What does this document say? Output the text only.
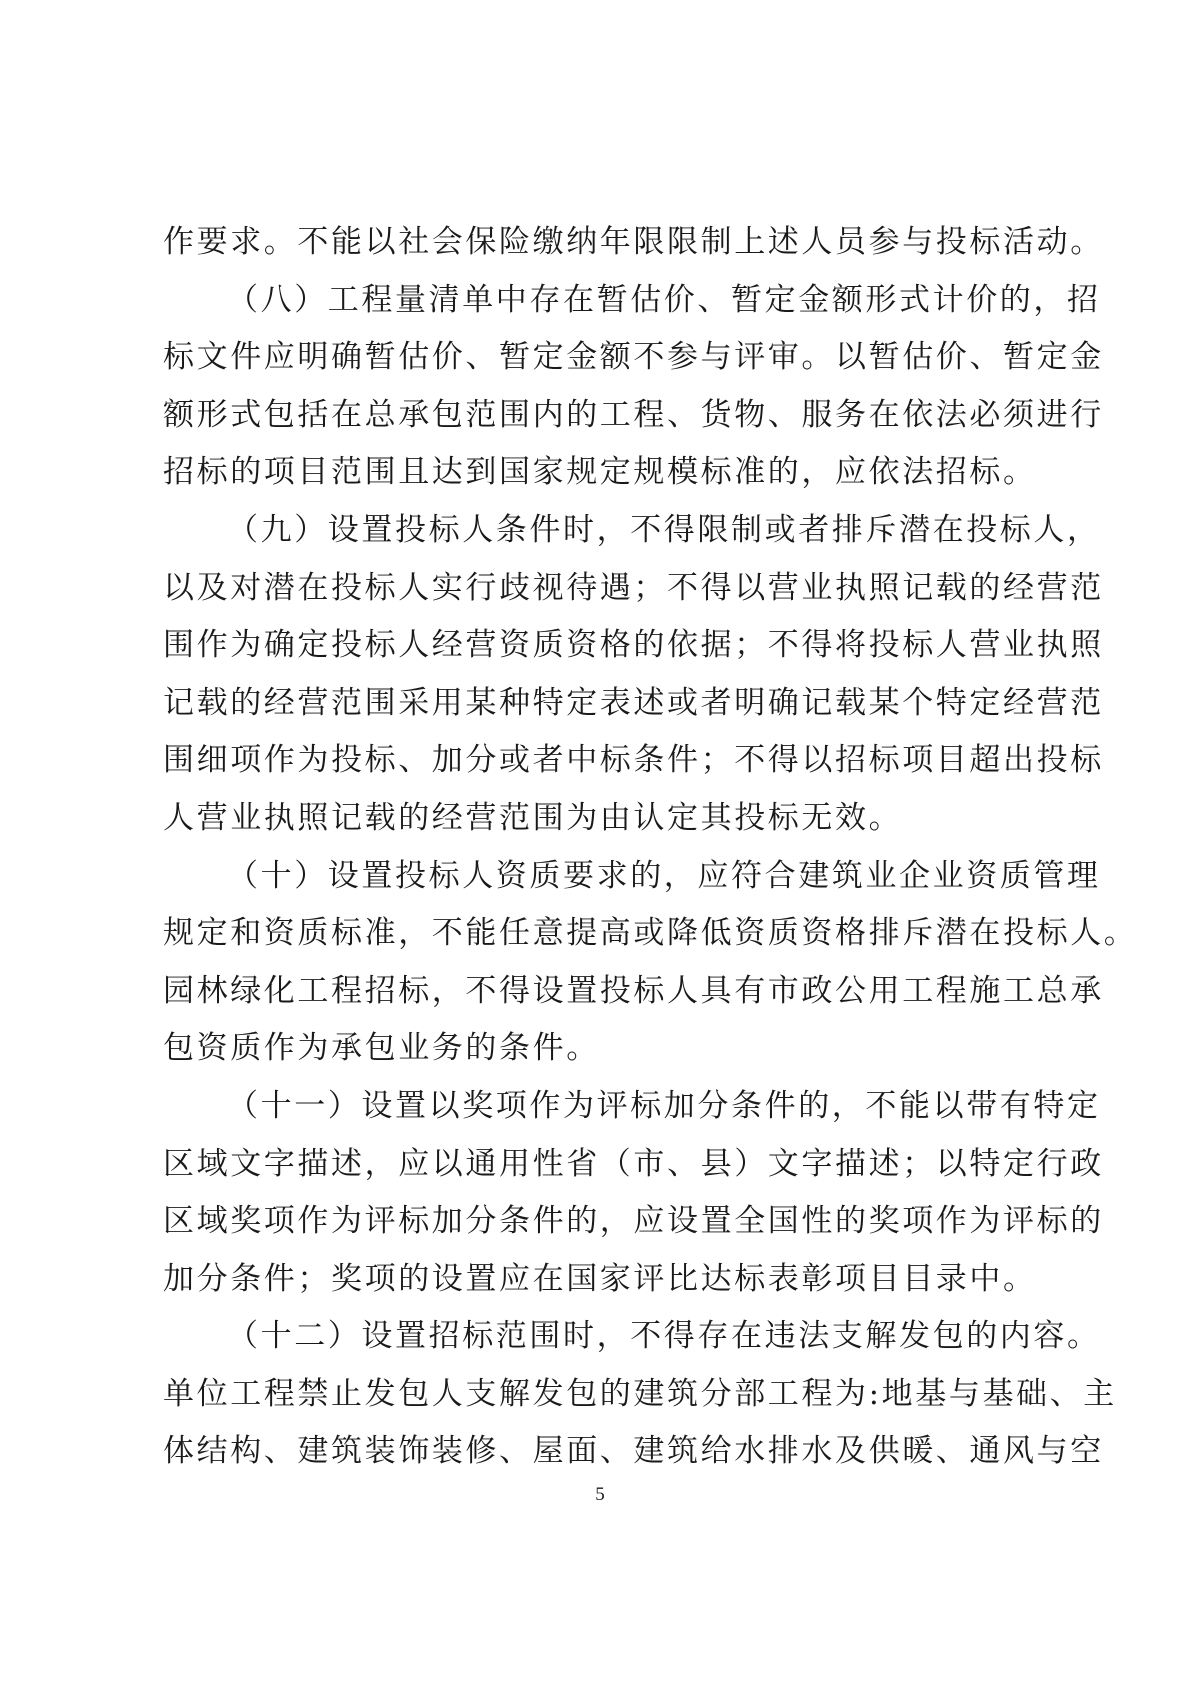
作要求。不能以社会保险缴纳年限限制上述人员参与投标活动。
（八）工程量清单中存在暂估价、暂定金额形式计价的，招
标文件应明确暂估价、暂定金额不参与评审。以暂估价、暂定金
额形式包括在总承包范围内的工程、货物、服务在依法必须进行
招标的项目范围且达到国家规定规模标准的，应依法招标。
（九）设置投标人条件时，不得限制或者排斥潜在投标人，
以及对潜在投标人实行歧视待遇；不得以营业执照记载的经营范
围作为确定投标人经营资质资格的依据；不得将投标人营业执照
记载的经营范围采用某种特定表述或者明确记载某个特定经营范
围细项作为投标、加分或者中标条件；不得以招标项目超出投标
人营业执照记载的经营范围为由认定其投标无效。
（十）设置投标人资质要求的，应符合建筑业企业资质管理
规定和资质标准，不能任意提高或降低资质资格排斥潜在投标人。
园林绿化工程招标，不得设置投标人具有市政公用工程施工总承
包资质作为承包业务的条件。
（十一）设置以奖项作为评标加分条件的，不能以带有特定
区域文字描述，应以通用性省（市、县）文字描述；以特定行政
区域奖项作为评标加分条件的，应设置全国性的奖项作为评标的
加分条件；奖项的设置应在国家评比达标表彰项目目录中。
（十二）设置招标范围时，不得存在违法支解发包的内容。
单位工程禁止发包人支解发包的建筑分部工程为:地基与基础、主
体结构、建筑装饰装修、屋面、建筑给水排水及供暖、通风与空
5
